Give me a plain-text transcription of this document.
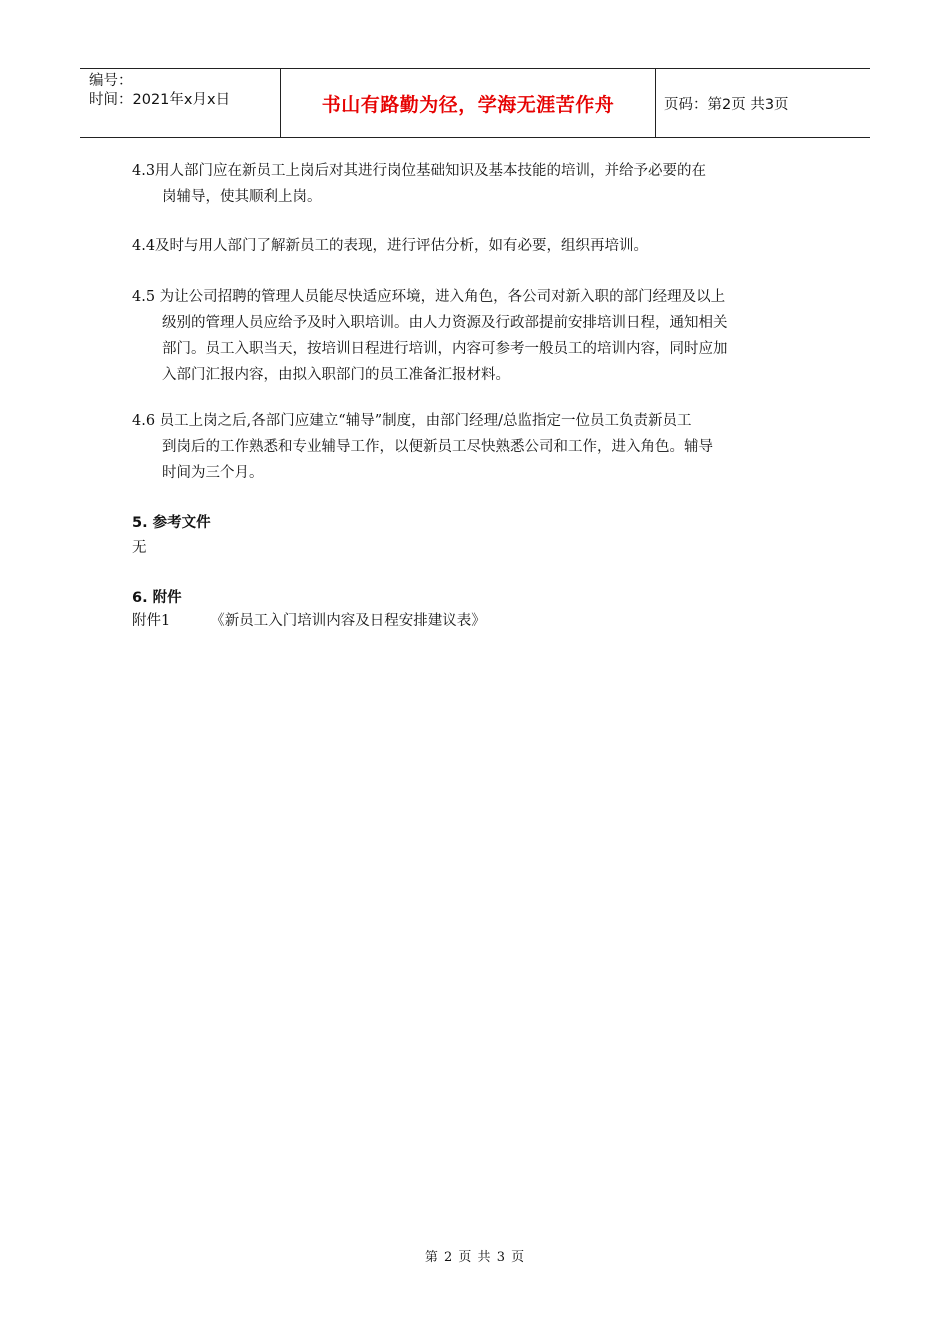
编号：
时间：2021年x月x日	书山有路勤为径，学海无涯苦作舟	页码：第2页 共3页
4.3用人部门应在新员工上岗后对其进行岗位基础知识及基本技能的培训，并给予必要的在
岗辅导，使其顺利上岗。
4.4及时与用人部门了解新员工的表现，进行评估分析，如有必要，组织再培训。
4.5 为让公司招聘的管理人员能尽快适应环境，进入角色，各公司对新入职的部门经理及以上
级别的管理人员应给予及时入职培训。由人力资源及行政部提前安排培训日程，通知相关
部门。员工入职当天，按培训日程进行培训，内容可参考一般员工的培训内容，同时应加
入部门汇报内容，由拟入职部门的员工准备汇报材料。
4.6 员工上岗之后,各部门应建立“辅导”制度，由部门经理/总监指定一位员工负责新员工
到岗后的工作熟悉和专业辅导工作，以便新员工尽快熟悉公司和工作，进入角色。辅导
时间为三个月。
5. 参考文件
无
6. 附件
附件1	《新员工入门培训内容及日程安排建议表》
第 2 页 共 3 页
